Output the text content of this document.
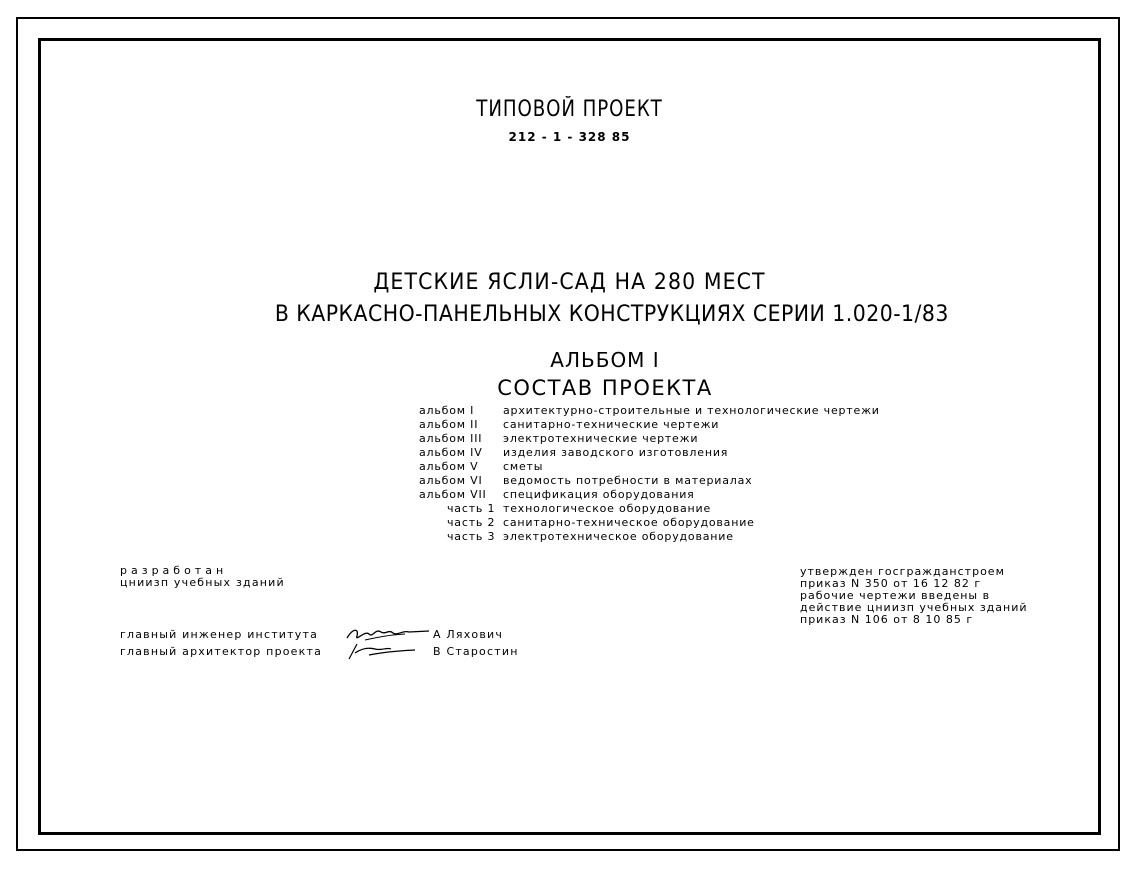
ТИПОВОЙ ПРОЕКТ
212 - 1 - 328 85
ДЕТСКИЕ ЯСЛИ-САД НА 280 МЕСТ
В КАРКАСНО-ПАНЕЛЬНЫХ КОНСТРУКЦИЯХ СЕРИИ 1.020-1/83
АЛЬБОМ I
СОСТАВ ПРОЕКТА
альбом I	архитектурно-строительные и технологические чертежи
альбом II	санитарно-технические чертежи
альбом III	электротехнические чертежи
альбом IV	изделия заводского изготовления
альбом V	сметы
альбом VI	ведомость потребности в материалах
альбом VII	спецификация оборудования
часть 1 технологическое оборудование
часть 2 санитарно-техническое оборудование
часть 3 электротехническое оборудование
разработан
цниизп учебных зданий
главный инженер института	А Ляхович
главный архитектор проекта	В Старостин
утвержден госгражданстроем
приказ N 350 от 16 12 82 г
рабочие чертежи введены в
действие цниизп учебных зданий
приказ N 106 от 8 10 85 г
